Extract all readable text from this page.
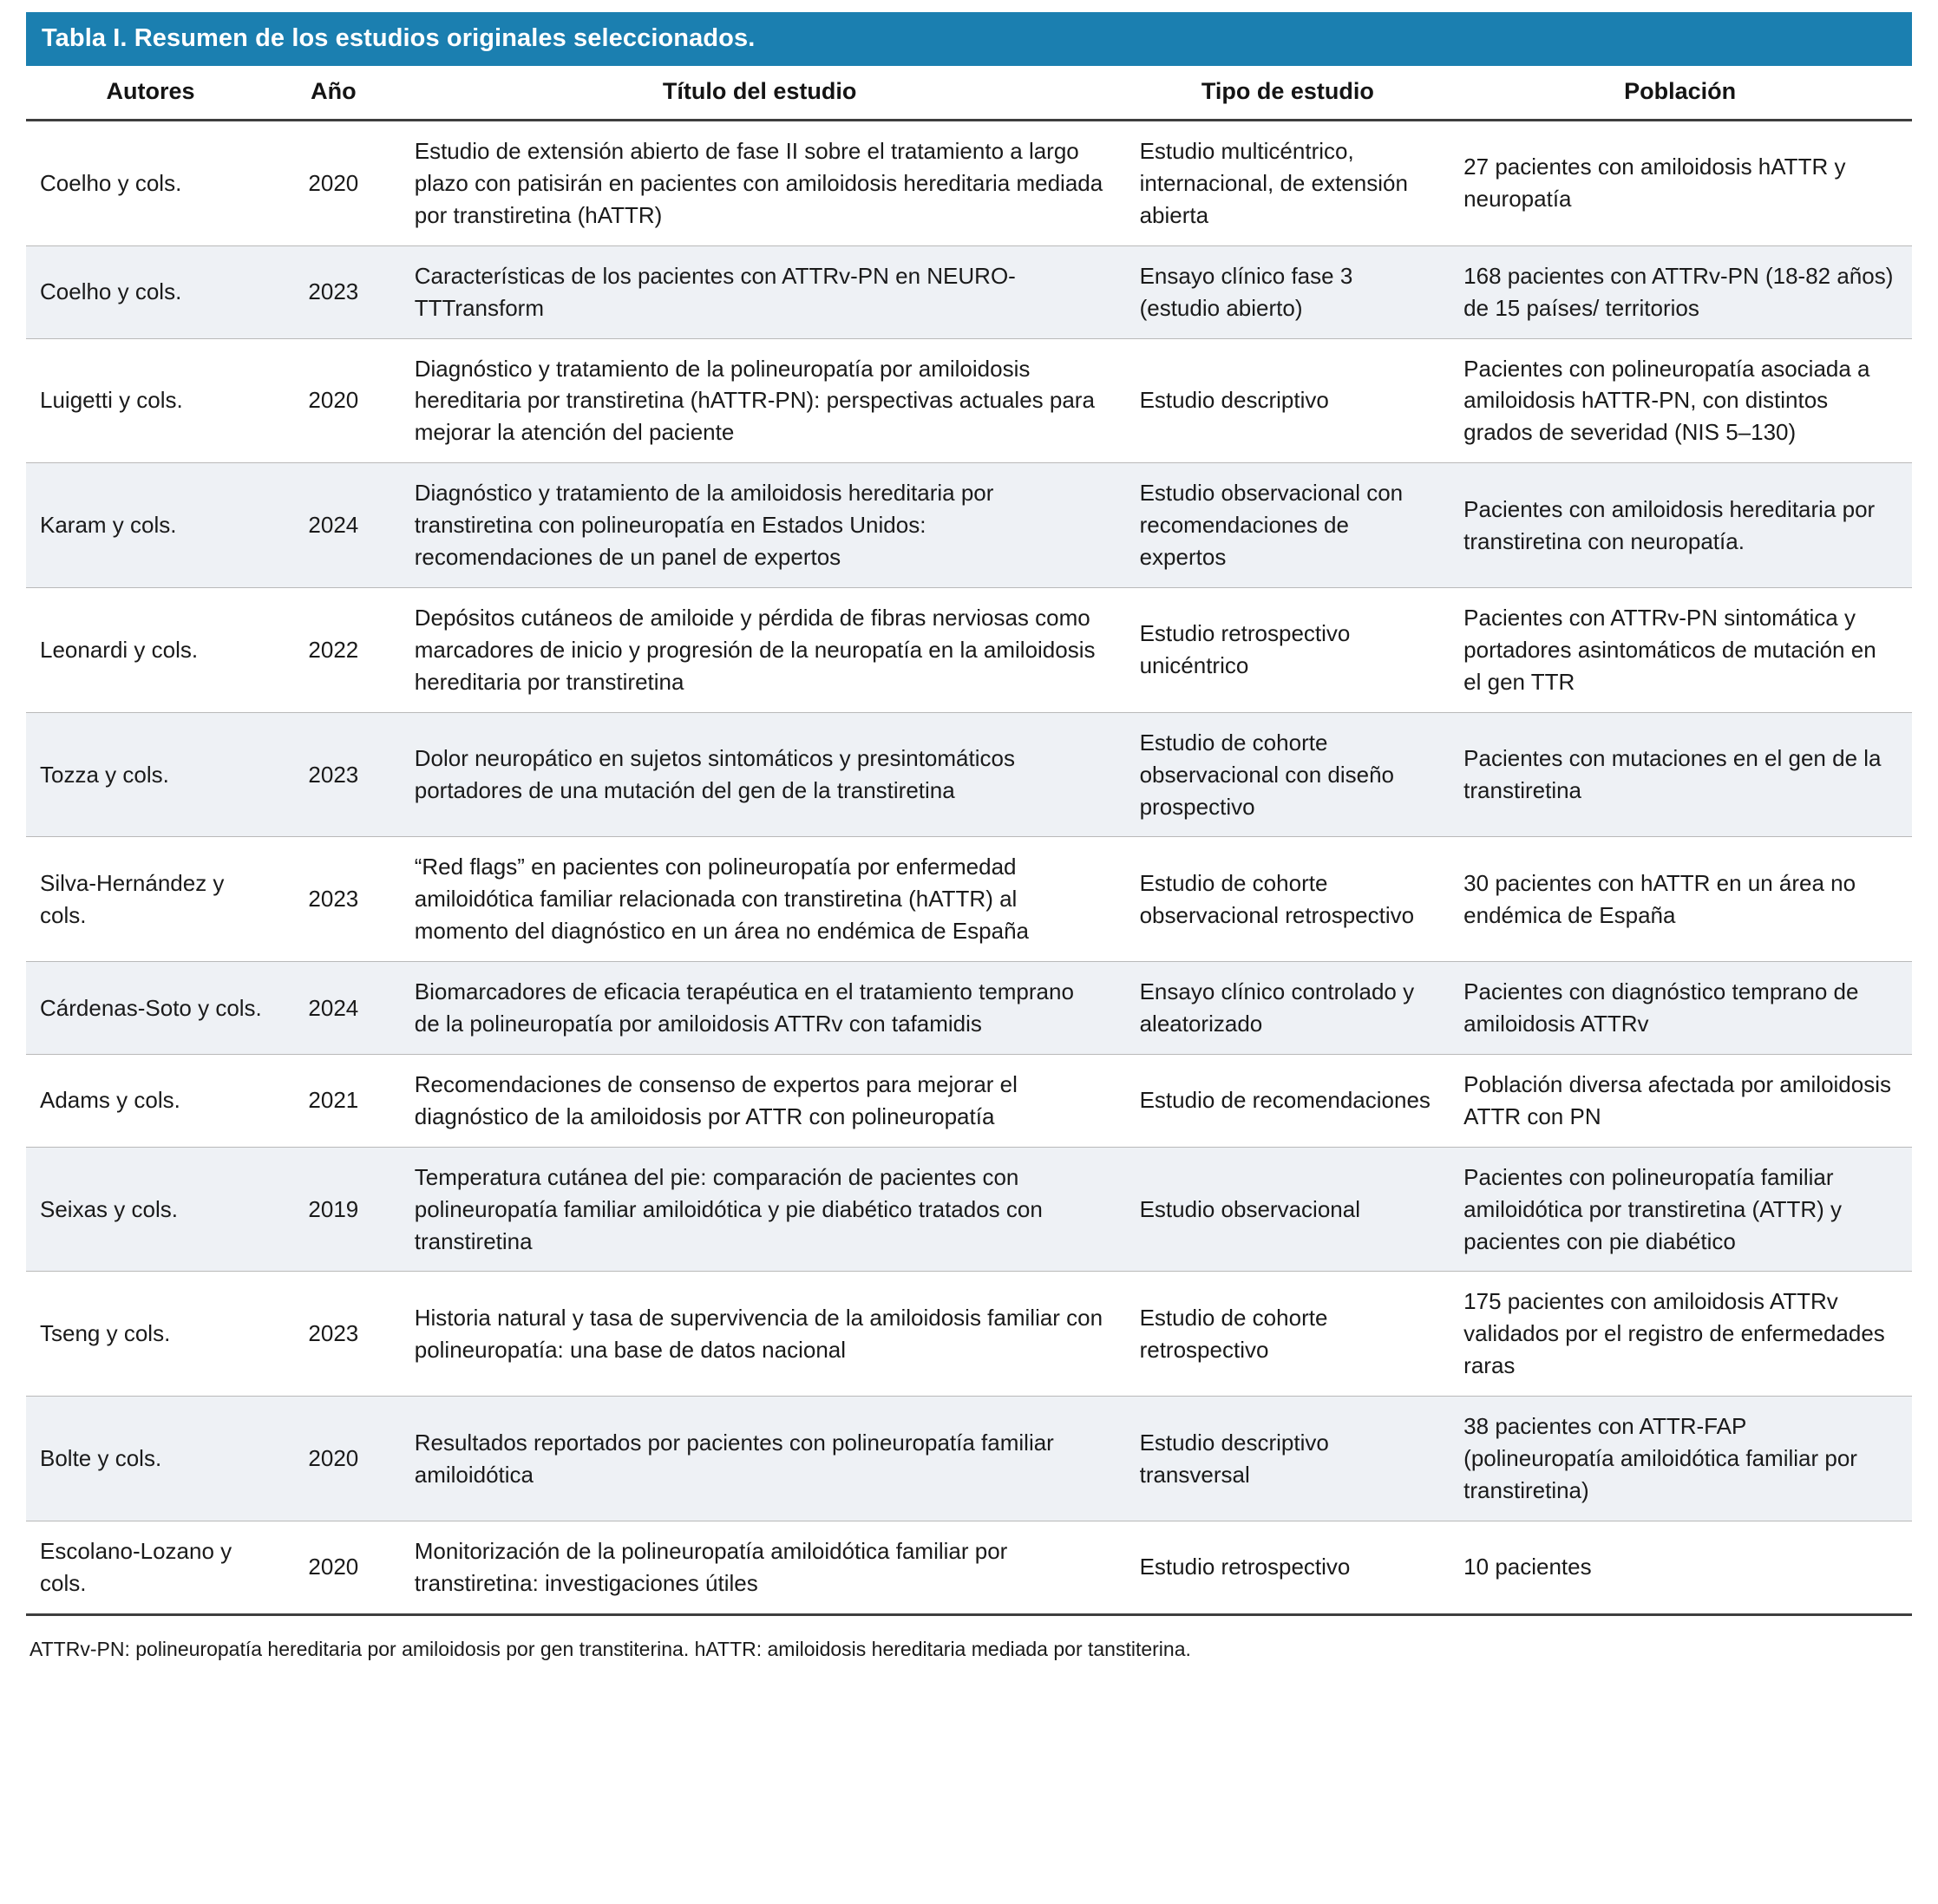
Tabla I. Resumen de los estudios originales seleccionados.
Autores	Año	Título del estudio	Tipo de estudio	Población
Coelho y cols.	2020	Estudio de extensión abierto de fase II sobre el tratamiento a largo plazo con patisirán en pacientes con amiloidosis hereditaria mediada por transtiretina (hATTR)	Estudio multicéntrico, internacional, de extensión abierta	27 pacientes con amiloidosis hATTR y neuropatía
Coelho y cols.	2023	Características de los pacientes con ATTRv-PN en NEURO-TTTransform	Ensayo clínico fase 3 (estudio abierto)	168 pacientes con ATTRv-PN (18-82 años) de 15 países/ territorios
Luigetti y cols.	2020	Diagnóstico y tratamiento de la polineuropatía por amiloidosis hereditaria por transtiretina (hATTR-PN): perspectivas actuales para mejorar la atención del paciente	Estudio descriptivo	Pacientes con polineuropatía asociada a amiloidosis hATTR-PN, con distintos grados de severidad (NIS 5–130)
Karam y cols.	2024	Diagnóstico y tratamiento de la amiloidosis hereditaria por transtiretina con polineuropatía en Estados Unidos: recomendaciones de un panel de expertos	Estudio observacional con recomendaciones de expertos	Pacientes con amiloidosis hereditaria por transtiretina con neuropatía.
Leonardi y cols.	2022	Depósitos cutáneos de amiloide y pérdida de fibras nerviosas como marcadores de inicio y progresión de la neuropatía en la amiloidosis hereditaria por transtiretina	Estudio retrospectivo unicéntrico	Pacientes con ATTRv-PN sintomática y portadores asintomáticos de mutación en el gen TTR
Tozza y cols.	2023	Dolor neuropático en sujetos sintomáticos y presintomáticos portadores de una mutación del gen de la transtiretina	Estudio de cohorte observacional con diseño prospectivo	Pacientes con mutaciones en el gen de la transtiretina
Silva-Hernández y cols.	2023	“Red flags” en pacientes con polineuropatía por enfermedad amiloidótica familiar relacionada con transtiretina (hATTR) al momento del diagnóstico en un área no endémica de España	Estudio de cohorte observacional retrospectivo	30 pacientes con hATTR en un área no endémica de España
Cárdenas-Soto y cols.	2024	Biomarcadores de eficacia terapéutica en el tratamiento temprano de la polineuropatía por amiloidosis ATTRv con tafamidis	Ensayo clínico controlado y aleatorizado	Pacientes con diagnóstico temprano de amiloidosis ATTRv
Adams y cols.	2021	Recomendaciones de consenso de expertos para mejorar el diagnóstico de la amiloidosis por ATTR con polineuropatía	Estudio de recomendaciones	Población diversa afectada por amiloidosis ATTR con PN
Seixas y cols.	2019	Temperatura cutánea del pie: comparación de pacientes con polineuropatía familiar amiloidótica y pie diabético tratados con transtiretina	Estudio observacional	Pacientes con polineuropatía familiar amiloidótica por transtiretina (ATTR) y pacientes con pie diabético
Tseng y cols.	2023	Historia natural y tasa de supervivencia de la amiloidosis familiar con polineuropatía: una base de datos nacional	Estudio de cohorte retrospectivo	175 pacientes con amiloidosis ATTRv validados por el registro de enfermedades raras
Bolte y cols.	2020	Resultados reportados por pacientes con polineuropatía familiar amiloidótica	Estudio descriptivo transversal	38 pacientes con ATTR-FAP (polineuropatía amiloidótica familiar por transtiretina)
Escolano-Lozano y cols.	2020	Monitorización de la polineuropatía amiloidótica familiar por transtiretina: investigaciones útiles	Estudio retrospectivo	10 pacientes
ATTRv-PN: polineuropatía hereditaria por amiloidosis por gen transtiterina. hATTR: amiloidosis hereditaria mediada por tanstiterina.
